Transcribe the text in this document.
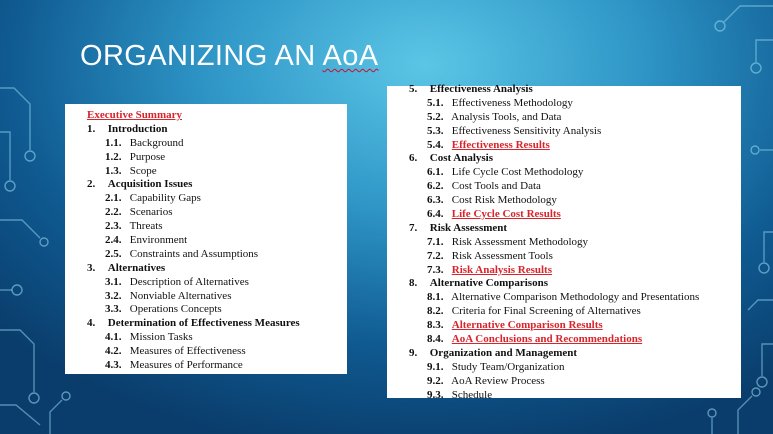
ORGANIZING AN AoA
Executive Summary
1. Introduction
1.1. Background
1.2. Purpose
1.3. Scope
2. Acquisition Issues
2.1. Capability Gaps
2.2. Scenarios
2.3. Threats
2.4. Environment
2.5. Constraints and Assumptions
3. Alternatives
3.1. Description of Alternatives
3.2. Nonviable Alternatives
3.3. Operations Concepts
4. Determination of Effectiveness Measures
4.1. Mission Tasks
4.2. Measures of Effectiveness
4.3. Measures of Performance
5. Effectiveness Analysis
5.1. Effectiveness Methodology
5.2. Analysis Tools, and Data
5.3. Effectiveness Sensitivity Analysis
5.4. Effectiveness Results
6. Cost Analysis
6.1. Life Cycle Cost Methodology
6.2. Cost Tools and Data
6.3. Cost Risk Methodology
6.4. Life Cycle Cost Results
7. Risk Assessment
7.1. Risk Assessment Methodology
7.2. Risk Assessment Tools
7.3. Risk Analysis Results
8. Alternative Comparisons
8.1. Alternative Comparison Methodology and Presentations
8.2. Criteria for Final Screening of Alternatives
8.3. Alternative Comparison Results
8.4. AoA Conclusions and Recommendations
9. Organization and Management
9.1. Study Team/Organization
9.2. AoA Review Process
9.3. Schedule
